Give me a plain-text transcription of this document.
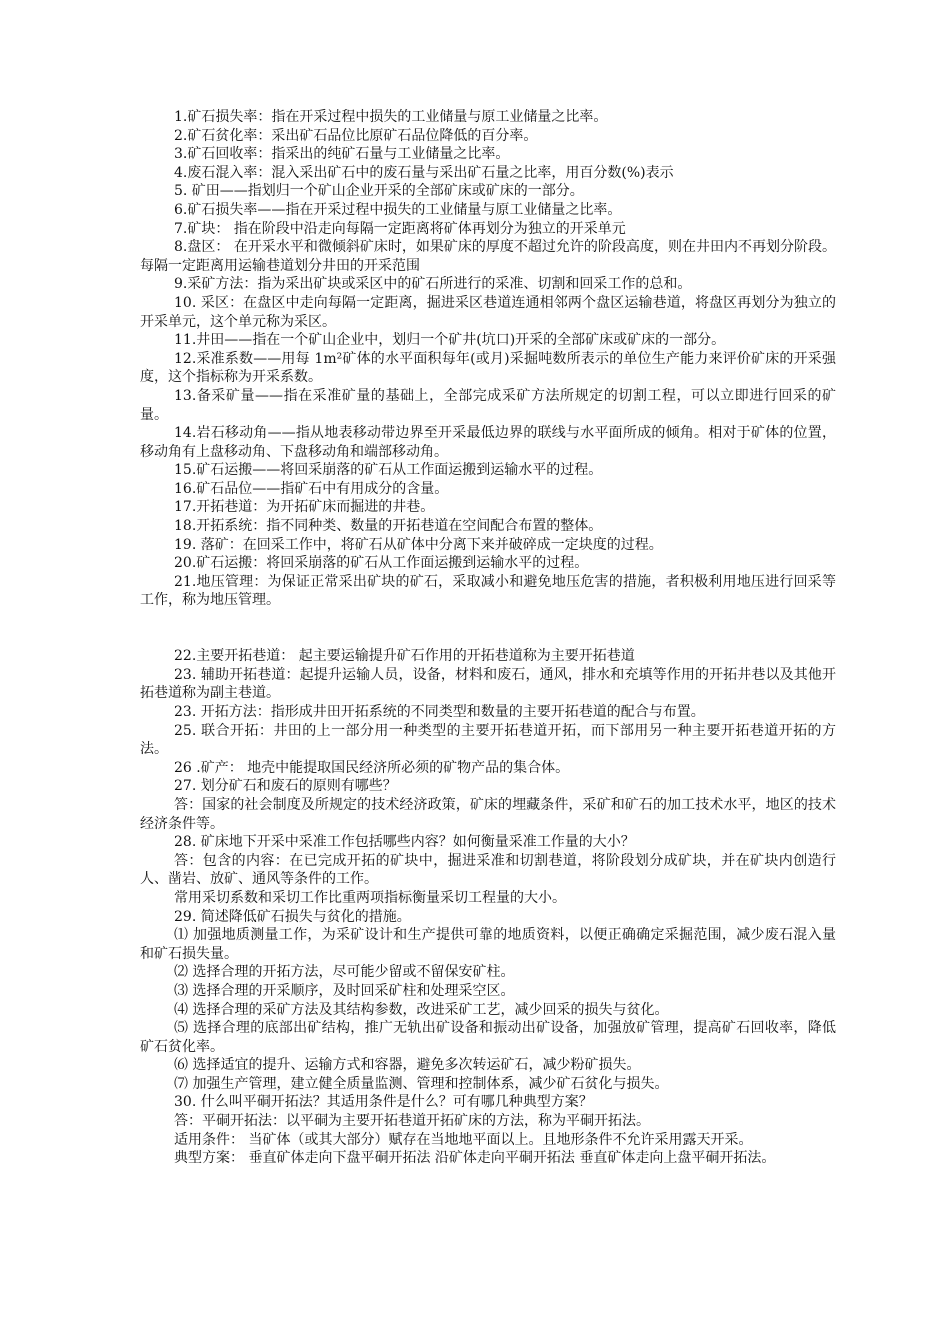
1.矿石损失率：指在开采过程中损失的工业储量与原工业储量之比率。

2.矿石贫化率：采出矿石品位比原矿石品位降低的百分率。

3.矿石回收率：指采出的纯矿石量与工业储量之比率。

4.废石混入率：混入采出矿石中的废石量与采出矿石量之比率，用百分数(%)表示

5. 矿田——指划归一个矿山企业开采的全部矿床或矿床的一部分。

6.矿石损失率——指在开采过程中损失的工业储量与原工业储量之比率。

7.矿块： 指在阶段中沿走向每隔一定距离将矿体再划分为独立的开采单元

8.盘区： 在开采水平和微倾斜矿床时，如果矿床的厚度不超过允许的阶段高度，则在井田内不再划分阶段。每隔一定距离用运输巷道划分井田的开采范围

9.采矿方法：指为采出矿块或采区中的矿石所进行的采准、切割和回采工作的总和。

10. 采区：在盘区中走向每隔一定距离，掘进采区巷道连通相邻两个盘区运输巷道，将盘区再划分为独立的开采单元，这个单元称为采区。

11.井田——指在一个矿山企业中，划归一个矿井(坑口)开采的全部矿床或矿床的一部分。

12.采准系数——用每 1m²矿体的水平面积每年(或月)采掘吨数所表示的单位生产能力来评价矿床的开采强度，这个指标称为开采系数。

13.备采矿量——指在采准矿量的基础上，全部完成采矿方法所规定的切割工程，可以立即进行回采的矿量。

14.岩石移动角——指从地表移动带边界至开采最低边界的联线与水平面所成的倾角。相对于矿体的位置，移动角有上盘移动角、下盘移动角和端部移动角。

15.矿石运搬——将回采崩落的矿石从工作面运搬到运输水平的过程。

16.矿石品位——指矿石中有用成分的含量。

17.开拓巷道：为开拓矿床而掘进的井巷。

18.开拓系统：指不同种类、数量的开拓巷道在空间配合布置的整体。

19. 落矿：在回采工作中，将矿石从矿体中分离下来并破碎成一定块度的过程。

20.矿石运搬：将回采崩落的矿石从工作面运搬到运输水平的过程。

21.地压管理：为保证正常采出矿块的矿石，采取减小和避免地压危害的措施，者积极利用地压进行回采等工作，称为地压管理。

22.主要开拓巷道： 起主要运输提升矿石作用的开拓巷道称为主要开拓巷道

23. 辅助开拓巷道：起提升运输人员，设备，材料和废石，通风，排水和充填等作用的开拓井巷以及其他开拓巷道称为副主巷道。

23. 开拓方法：指形成井田开拓系统的不同类型和数量的主要开拓巷道的配合与布置。

25. 联合开拓：井田的上一部分用一种类型的主要开拓巷道开拓，而下部用另一种主要开拓巷道开拓的方法。

26 .矿产： 地壳中能提取国民经济所必须的矿物产品的集合体。

27. 划分矿石和废石的原则有哪些？

答：国家的社会制度及所规定的技术经济政策，矿床的埋藏条件，采矿和矿石的加工技术水平，地区的技术经济条件等。

28. 矿床地下开采中采准工作包括哪些内容？如何衡量采准工作量的大小？

答：包含的内容：在已完成开拓的矿块中，掘进采准和切割巷道，将阶段划分成矿块，并在矿块内创造行人、凿岩、放矿、通风等条件的工作。

常用采切系数和采切工作比重两项指标衡量采切工程量的大小。

29. 简述降低矿石损失与贫化的措施。

⑴ 加强地质测量工作，为采矿设计和生产提供可靠的地质资料，以便正确确定采掘范围，减少废石混入量和矿石损失量。

⑵ 选择合理的开拓方法，尽可能少留或不留保安矿柱。

⑶ 选择合理的开采顺序，及时回采矿柱和处理采空区。

⑷ 选择合理的采矿方法及其结构参数，改进采矿工艺，减少回采的损失与贫化。

⑸ 选择合理的底部出矿结构，推广无轨出矿设备和振动出矿设备，加强放矿管理，提高矿石回收率，降低矿石贫化率。

⑹ 选择适宜的提升、运输方式和容器，避免多次转运矿石，减少粉矿损失。

⑺ 加强生产管理，建立健全质量监测、管理和控制体系，减少矿石贫化与损失。

30. 什么叫平硐开拓法？其适用条件是什么？可有哪几种典型方案？

答：平硐开拓法：以平硐为主要开拓巷道开拓矿床的方法，称为平硐开拓法。

适用条件： 当矿体（或其大部分）赋存在当地地平面以上。且地形条件不允许采用露天开采。

典型方案： 垂直矿体走向下盘平硐开拓法 沿矿体走向平硐开拓法 垂直矿体走向上盘平硐开拓法。
